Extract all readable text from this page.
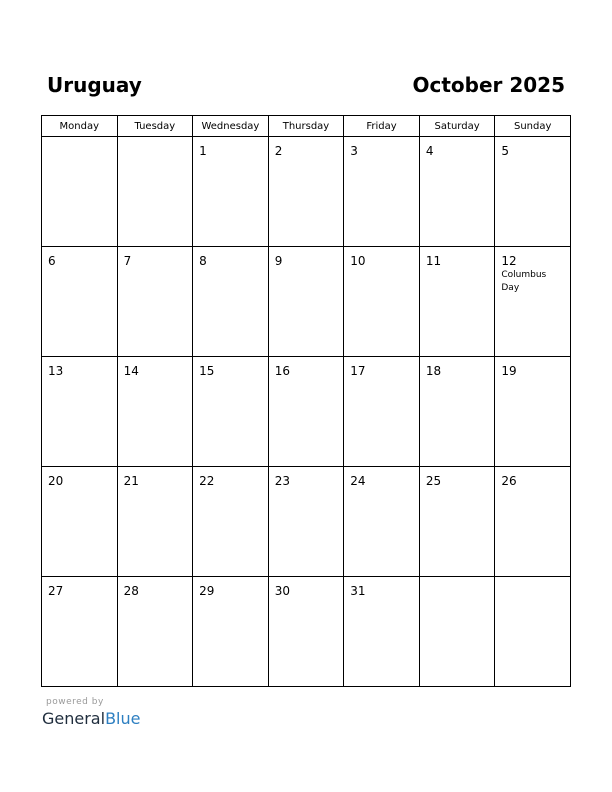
Uruguay	October 2025
Monday	Tuesday	Wednesday	Thursday	Friday	Saturday	Sunday

		1	2	3	4	5

6	7	8	9	10	11	12
Columbus Day

13	14	15	16	17	18	19

20	21	22	23	24	25	26

27	28	29	30	31		

powered by
GeneralBlue
